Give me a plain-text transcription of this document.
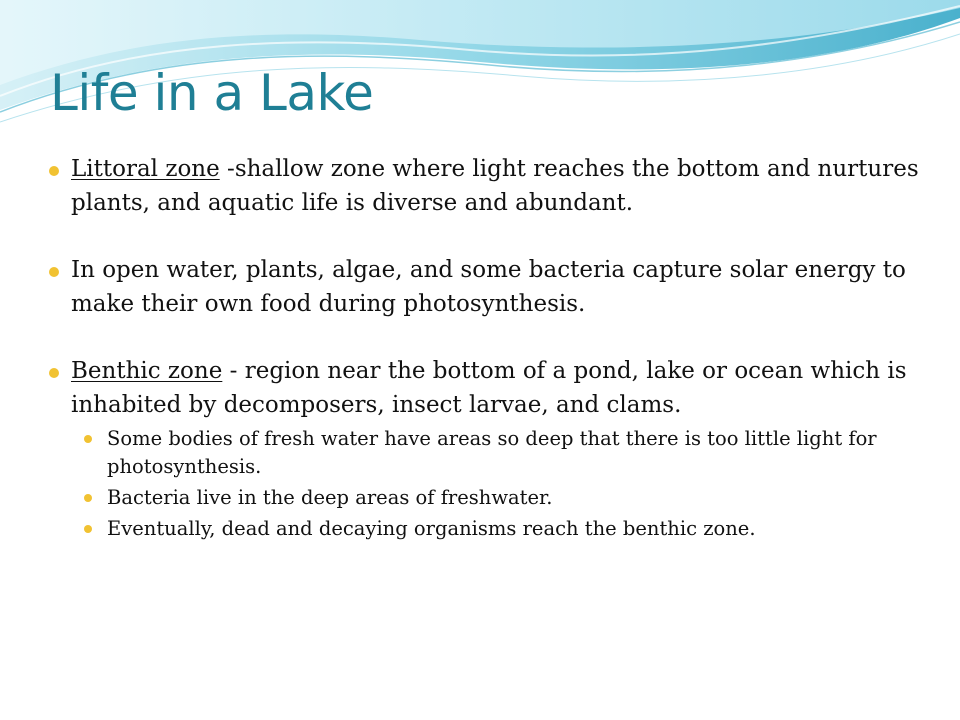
Life in a Lake
Littoral zone -shallow zone where light reaches the bottom and nurtures plants, and aquatic life is diverse and abundant.
In open water, plants, algae, and some bacteria capture solar energy to make their own food during photosynthesis.
Benthic zone - region near the bottom of a pond, lake or ocean which is inhabited by decomposers, insect larvae, and clams.
Some bodies of fresh water have areas so deep that there is too little light for photosynthesis.
Bacteria live in the deep areas of freshwater.
Eventually, dead and decaying organisms reach the benthic zone.
